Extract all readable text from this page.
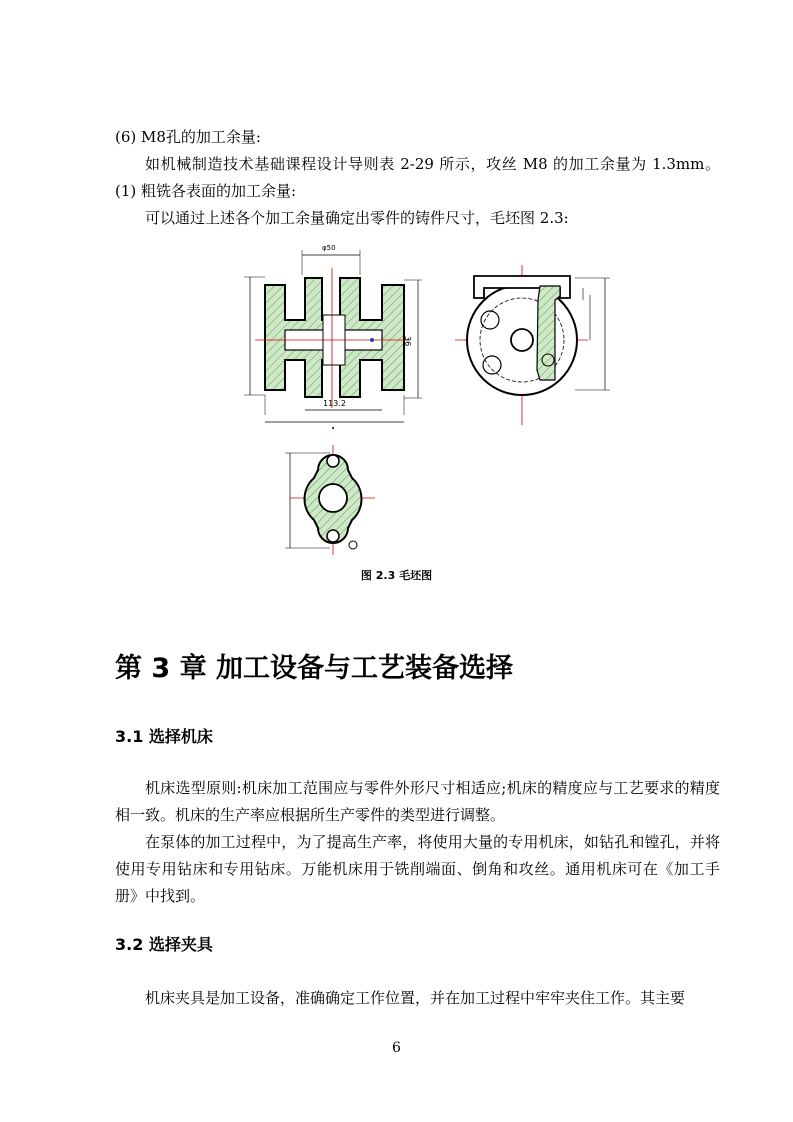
(6) M8孔的加工余量:

如机械制造技术基础课程设计导则表 2-29 所示，攻丝 M8 的加工余量为 1.3mm。(1) 粗铣各表面的加工余量:

可以通过上述各个加工余量确定出零件的铸件尺寸，毛坯图 2.3:

φ50
36
113.2

图 2.3 毛坯图

第 3 章 加工设备与工艺装备选择
3.1 选择机床

机床选型原则:机床加工范围应与零件外形尺寸相适应;机床的精度应与工艺要求的精度相一致。机床的生产率应根据所生产零件的类型进行调整。

在泵体的加工过程中，为了提高生产率，将使用大量的专用机床，如钻孔和镗孔，并将使用专用钻床和专用钻床。万能机床用于铣削端面、倒角和攻丝。通用机床可在《加工手册》中找到。

3.2 选择夹具

机床夹具是加工设备，准确确定工作位置，并在加工过程中牢牢夹住工作。其主要

6
